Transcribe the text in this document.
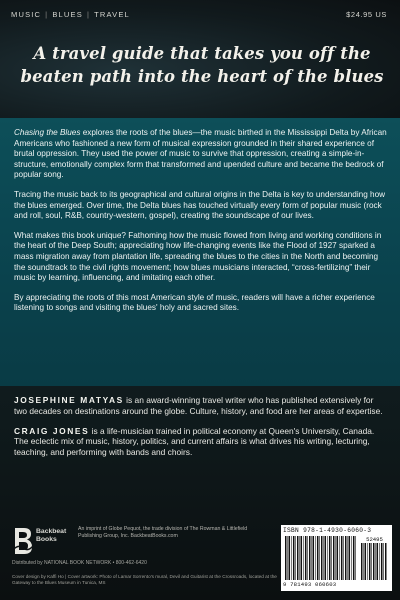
MUSIC | BLUES | TRAVEL	$24.95 US
A travel guide that takes you off the beaten path into the heart of the blues

Chasing the Blues explores the roots of the blues—the music birthed in the Mississippi Delta by African Americans who fashioned a new form of musical expression grounded in their shared experience of brutal oppression. They used the power of music to survive that oppression, creating a simple-in-structure, emotionally complex form that transformed and upended culture and became the bedrock of popular song.

Tracing the music back to its geographical and cultural origins in the Delta is key to understanding how the blues emerged. Over time, the Delta blues has touched virtually every form of popular music (rock and roll, soul, R&B, country-western, gospel), creating the soundscape of our lives.

What makes this book unique? Fathoming how the music flowed from living and working conditions in the heart of the Deep South; appreciating how life-changing events like the Flood of 1927 sparked a mass migration away from plantation life, spreading the blues to the cities in the North and becoming the soundtrack to the civil rights movement; how blues musicians interacted, “cross-fertilizing” their music by learning, influencing, and imitating each other.

By appreciating the roots of this most American style of music, readers will have a richer experience listening to songs and visiting the blues' holy and sacred sites.

JOSEPHINE MATYAS is an award-winning travel writer who has published extensively for two decades on destinations around the globe. Culture, history, and food are her areas of expertise.

CRAIG JONES is a life-musician trained in political economy at Queen's University, Canada. The eclectic mix of music, history, politics, and current affairs is what drives his writing, lecturing, teaching, and performing with bands and choirs.

Backbeat
Books
An imprint of Globe Pequot, the trade division of The Rowman & Littlefield Publishing Group, Inc. BackbeatBooks.com
Distributed by NATIONAL BOOK NETWORK • 800-462-6420
Cover design by Kaffi Ho | Cover artwork: Photo of Lamar Sorrento's mural, Devil and Guitarist at the Crossroads, located at the Gateway to the Blues Museum in Tunica, MS
ISBN 978-1-4930-6060-3
52495
9 781493 060603
